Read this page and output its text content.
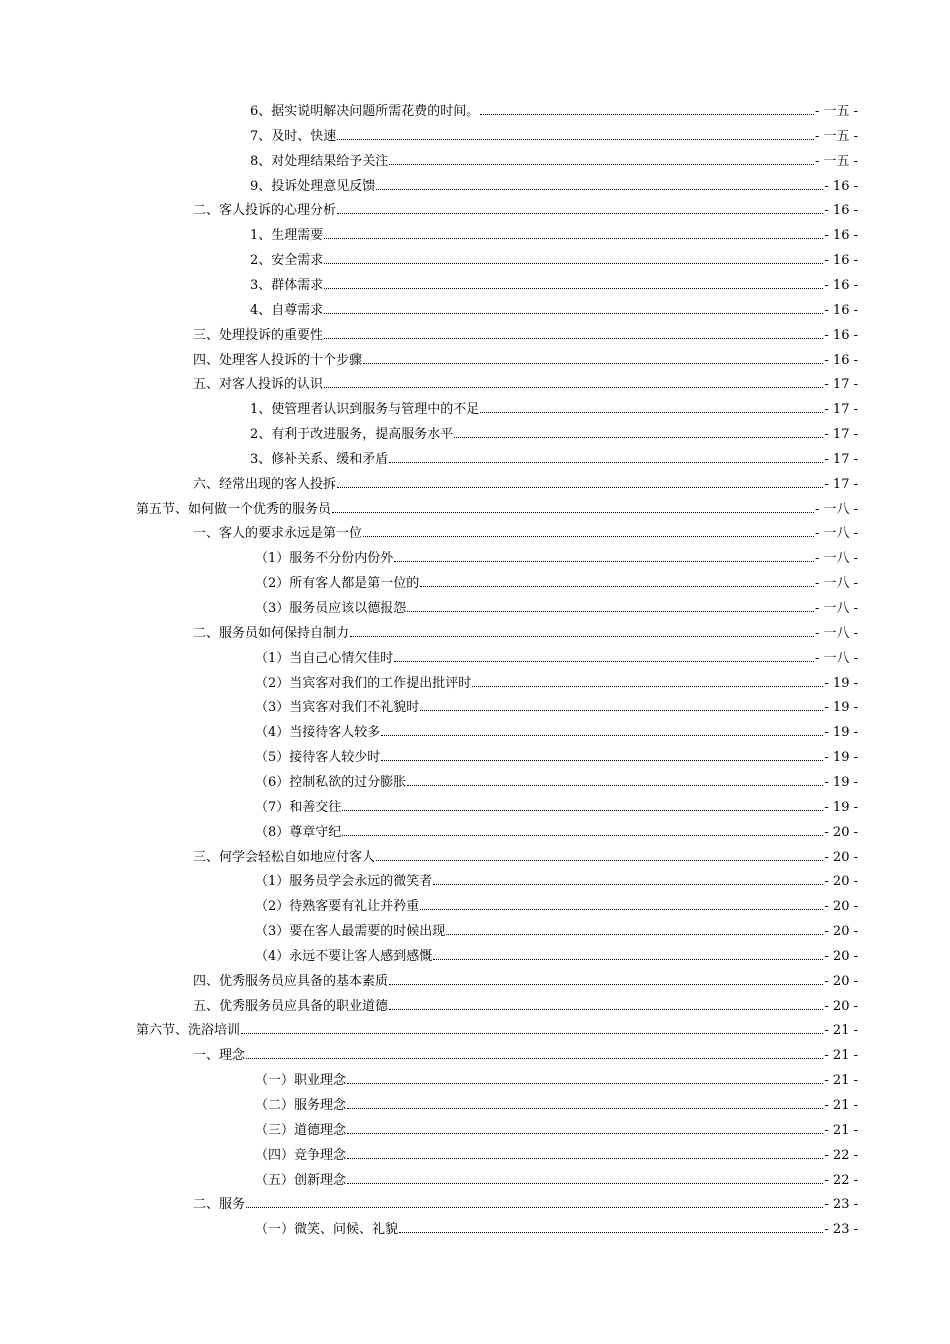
6、据实说明解决问题所需花费的时间。	- 一五 -
7、及时、快速	- 一五 -
8、对处理结果给予关注	- 一五 -
9、投诉处理意见反馈	- 16 -
二、客人投诉的心理分析	- 16 -
1、生理需要	- 16 -
2、安全需求	- 16 -
3、群体需求	- 16 -
4、自尊需求	- 16 -
三、处理投诉的重要性	- 16 -
四、处理客人投诉的十个步骤	- 16 -
五、对客人投诉的认识	- 17 -
1、使管理者认识到服务与管理中的不足	- 17 -
2、有利于改进服务，提高服务水平	- 17 -
3、修补关系、缓和矛盾	- 17 -
六、经常出现的客人投拆	- 17 -
第五节、如何做一个优秀的服务员	- 一八 -
一、客人的要求永远是第一位	- 一八 -
（1）服务不分份内份外	- 一八 -
（2）所有客人都是第一位的	- 一八 -
（3）服务员应该以德报怨	- 一八 -
二、服务员如何保持自制力	- 一八 -
（1）当自己心情欠佳时	- 一八 -
（2）当宾客对我们的工作提出批评时	- 19 -
（3）当宾客对我们不礼貌时	- 19 -
（4）当接待客人较多	- 19 -
（5）接待客人较少时	- 19 -
（6）控制私欲的过分膨胀	- 19 -
（7）和善交往	- 19 -
（8）尊章守纪	- 20 -
三、何学会轻松自如地应付客人	- 20 -
（1）服务员学会永远的微笑者	- 20 -
（2）待熟客要有礼让并矜重	- 20 -
（3）要在客人最需要的时候出现	- 20 -
（4）永远不要让客人感到感慨	- 20 -
四、优秀服务员应具备的基本素质	- 20 -
五、优秀服务员应具备的职业道德	- 20 -
第六节、洗浴培训	- 21 -
一、理念	- 21 -
（一）职业理念	- 21 -
（二）服务理念	- 21 -
（三）道德理念	- 21 -
（四）竞争理念	- 22 -
（五）创新理念	- 22 -
二、服务	- 23 -
（一）微笑、问候、礼貌	- 23 -
